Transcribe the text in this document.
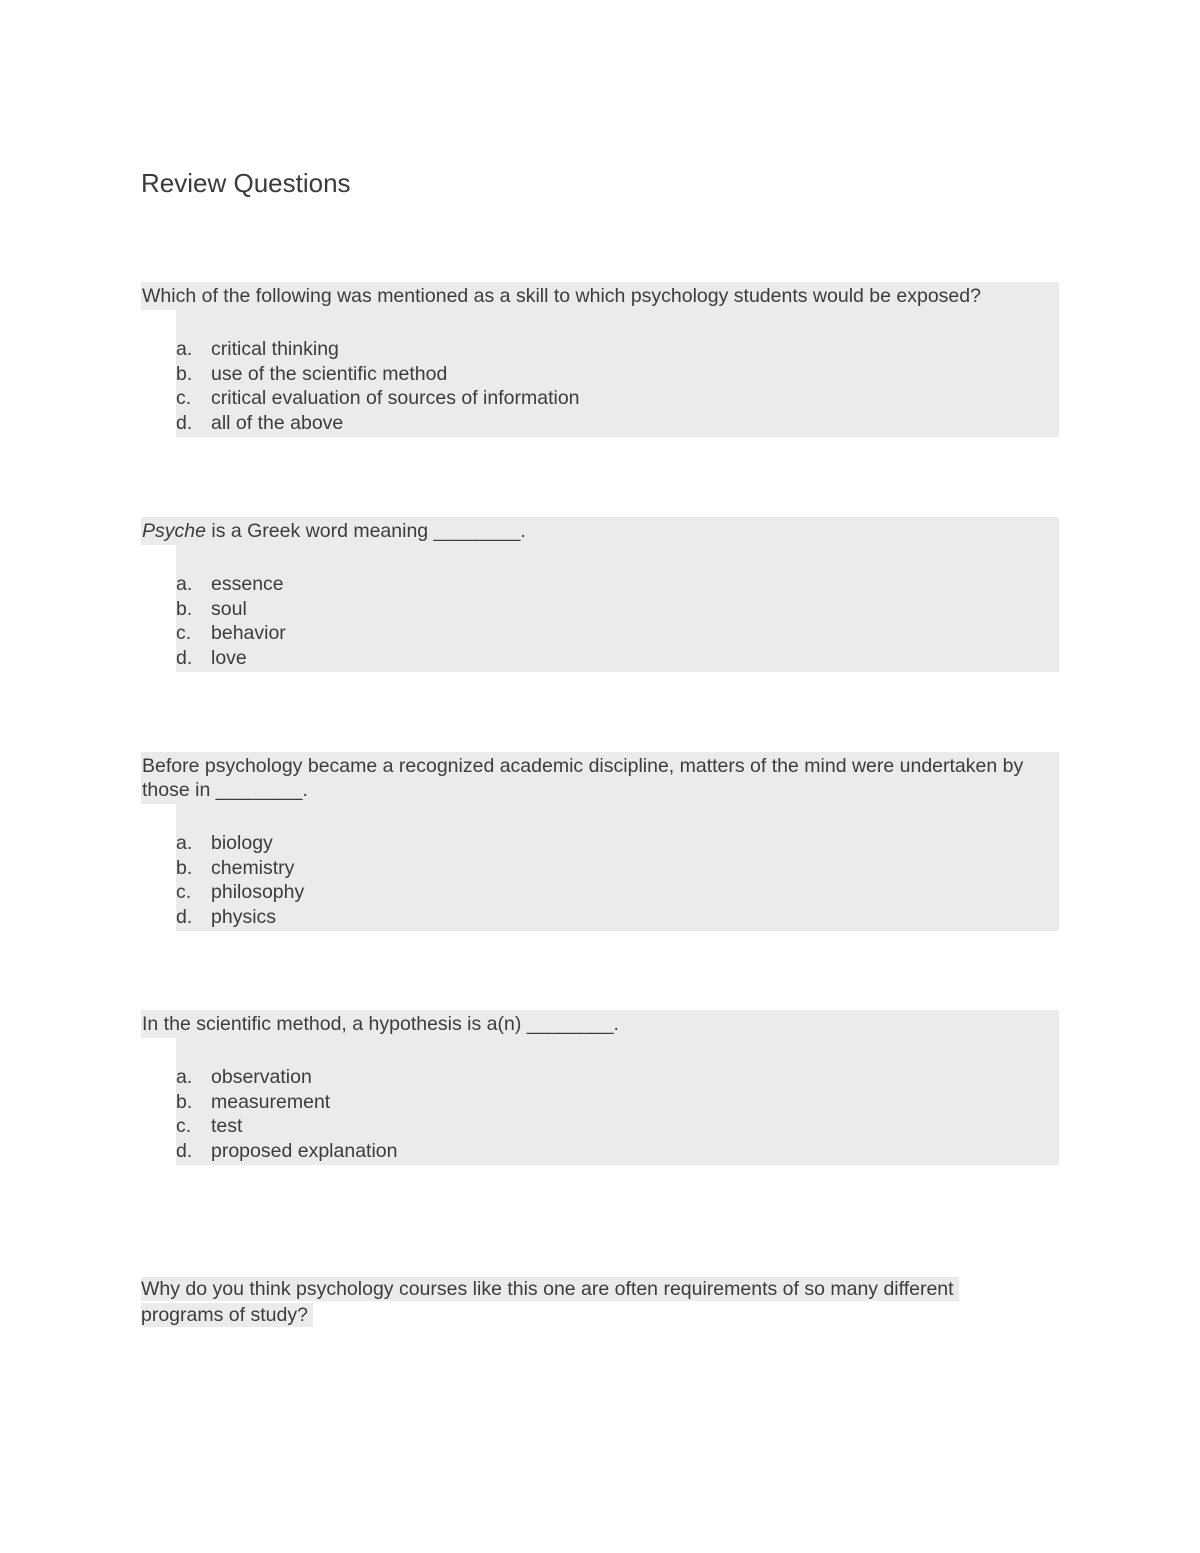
Review Questions
Which of the following was mentioned as a skill to which psychology students would be exposed?
a. critical thinking
b. use of the scientific method
c.	critical evaluation of sources of information
d. all of the above
Psyche is a Greek word meaning ________.
a. essence
b. soul
c.	behavior
d. love
Before psychology became a recognized academic discipline, matters of the mind were undertaken by those in ________.
a. biology
b. chemistry
c.	philosophy
d. physics
In the scientific method, a hypothesis is a(n) ________.
a. observation
b. measurement
c.	test
d. proposed explanation
Why do you think psychology courses like this one are often requirements of so many different
programs of study?
